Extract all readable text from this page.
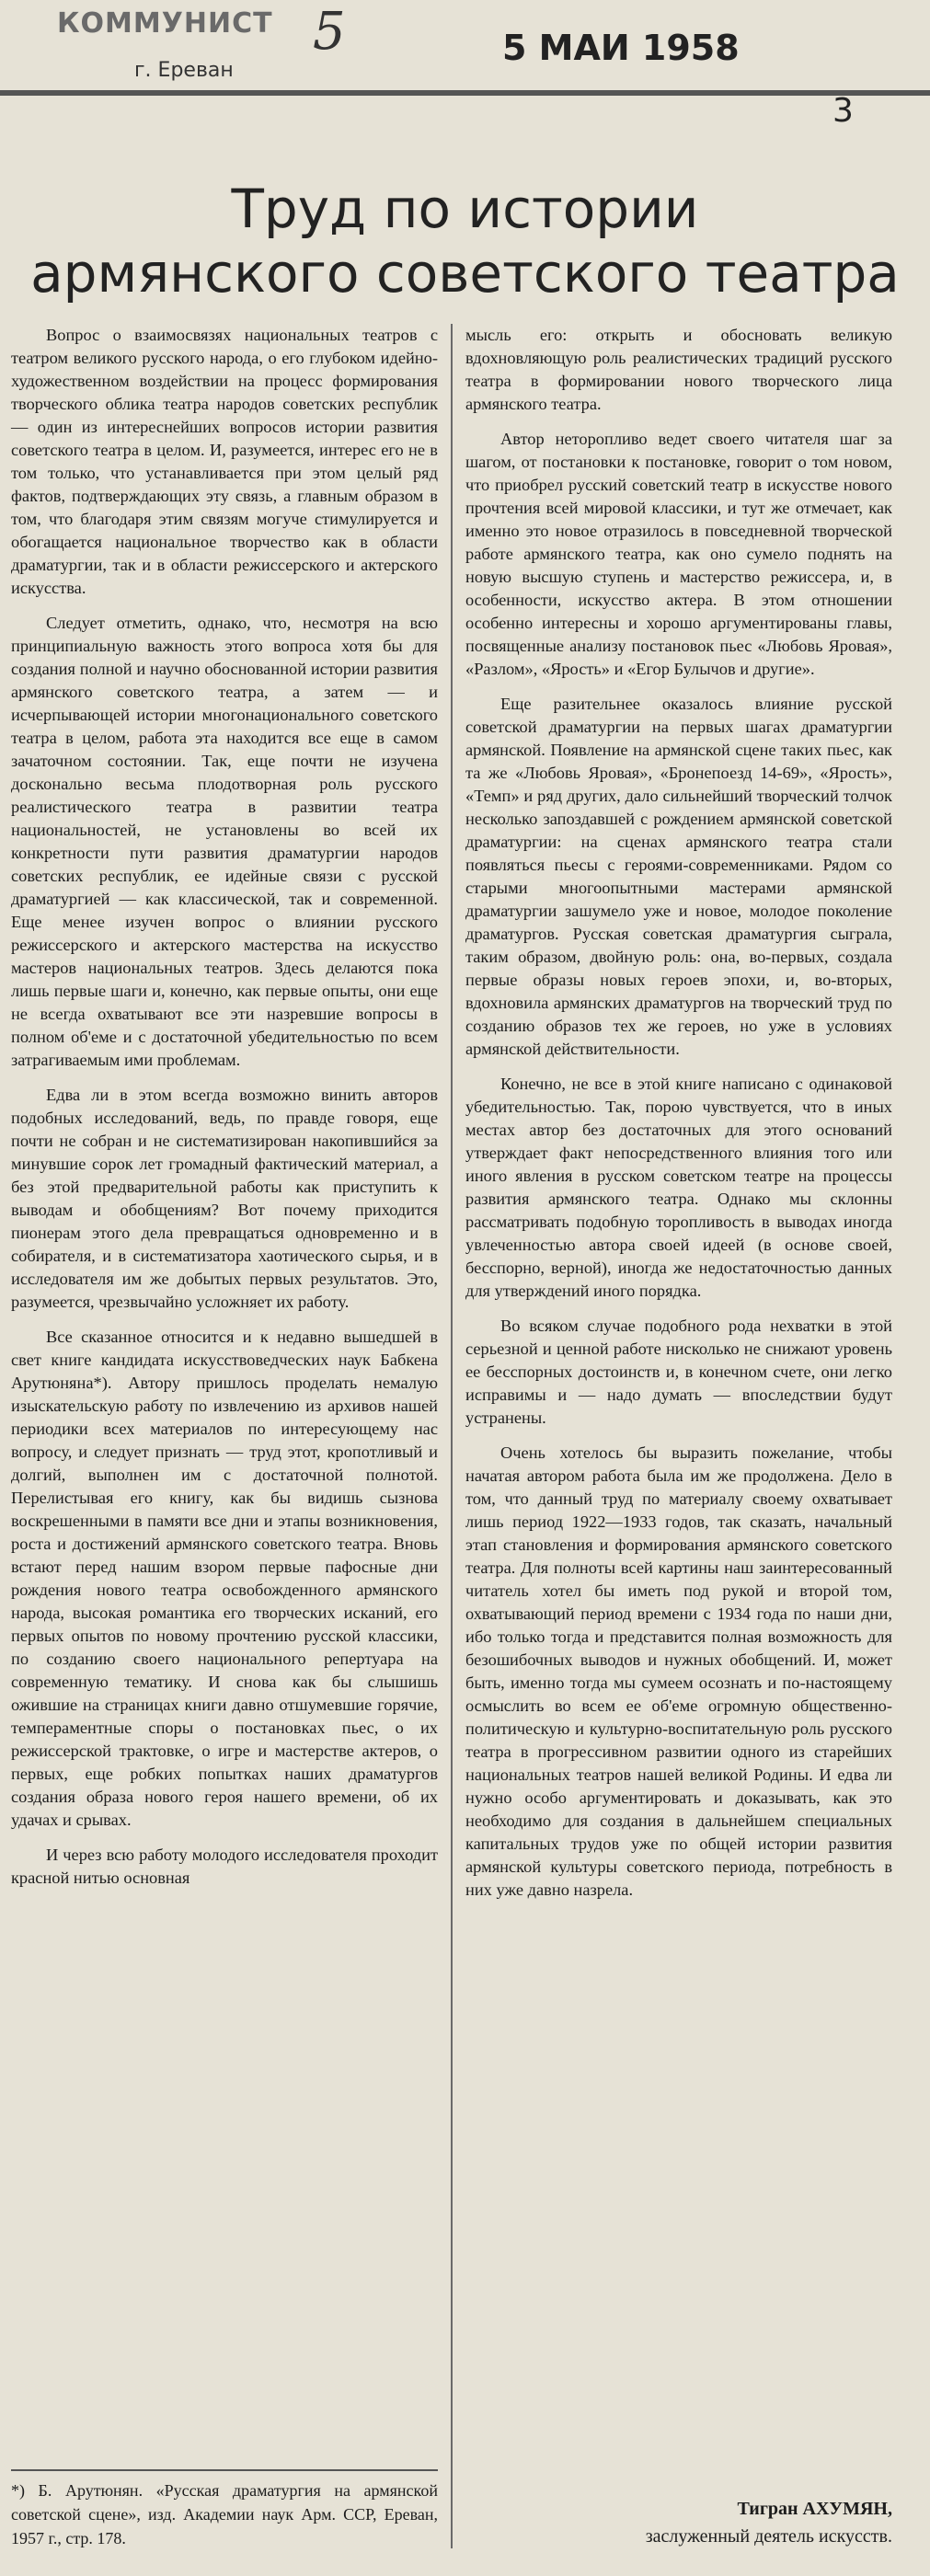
КОММУНИСТ
г. Ереван
5	5 МАИ 1958
3
Труд по истории
армянского советского театра

Вопрос о взаимосвязях национальных театров с театром великого русского народа, о его глубоком идейно-художественном воздействии на процесс формирования творческого облика театра народов советских республик — один из интереснейших вопросов истории развития советского театра в целом. И, разумеется, интерес его не в том только, что устанавливается при этом целый ряд фактов, подтверждающих эту связь, а главным образом в том, что благодаря этим связям могуче стимулируется и обогащается национальное творчество как в области драматургии, так и в области режиссерского и актерского искусства.

Следует отметить, однако, что, несмотря на всю принципиальную важность этого вопроса хотя бы для создания полной и научно обоснованной истории развития армянского советского театра, а затем — и исчерпывающей истории многонационального советского театра в целом, работа эта находится все еще в самом зачаточном состоянии. Так, еще почти не изучена досконально весьма плодотворная роль русского реалистического театра в развитии театра национальностей, не установлены во всей их конкретности пути развития драматургии народов советских республик, ее идейные связи с русской драматургией — как классической, так и современной. Еще менее изучен вопрос о влиянии русского режиссерского и актерского мастерства на искусство мастеров национальных театров. Здесь делаются пока лишь первые шаги и, конечно, как первые опыты, они еще не всегда охватывают все эти назревшие вопросы в полном об'еме и с достаточной убедительностью по всем затрагиваемым ими проблемам.

Едва ли в этом всегда возможно винить авторов подобных исследований, ведь, по правде говоря, еще почти не собран и не систематизирован накопившийся за минувшие сорок лет громадный фактический материал, а без этой предварительной работы как приступить к выводам и обобщениям? Вот почему приходится пионерам этого дела превращаться одновременно и в собирателя, и в систематизатора хаотического сырья, и в исследователя им же добытых первых результатов. Это, разумеется, чрезвычайно усложняет их работу.

Все сказанное относится и к недавно вышедшей в свет книге кандидата искусствоведческих наук Бабкена Арутюняна*). Автору пришлось проделать немалую изыскательскую работу по извлечению из архивов нашей периодики всех материалов по интересующему нас вопросу, и следует признать — труд этот, кропотливый и долгий, выполнен им с достаточной полнотой. Перелистывая его книгу, как бы видишь сызнова воскрешенными в памяти все дни и этапы возникновения, роста и достижений армянского советского театра. Вновь встают перед нашим взором первые пафосные дни рождения нового театра освобожденного армянского народа, высокая романтика его творческих исканий, его первых опытов по новому прочтению русской классики, по созданию своего национального репертуара на современную тематику. И снова как бы слышишь ожившие на страницах книги давно отшумевшие горячие, темпераментные споры о постановках пьес, о их режиссерской трактовке, о игре и мастерстве актеров, о первых, еще робких попытках наших драматургов создания образа нового героя нашего времени, об их удачах и срывах.

И через всю работу молодого исследователя проходит красной нитью основная

мысль его: открыть и обосновать великую вдохновляющую роль реалистических традиций русского театра в формировании нового творческого лица армянского театра.

Автор неторопливо ведет своего читателя шаг за шагом, от постановки к постановке, говорит о том новом, что приобрел русский советский театр в искусстве нового прочтения всей мировой классики, и тут же отмечает, как именно это новое отразилось в повседневной творческой работе армянского театра, как оно сумело поднять на новую высшую ступень и мастерство режиссера, и, в особенности, искусство актера. В этом отношении особенно интересны и хорошо аргументированы главы, посвященные анализу постановок пьес «Любовь Яровая», «Разлом», «Ярость» и «Егор Булычов и другие».

Еще разительнее оказалось влияние русской советской драматургии на первых шагах драматургии армянской. Появление на армянской сцене таких пьес, как та же «Любовь Яровая», «Бронепоезд 14-69», «Ярость», «Темп» и ряд других, дало сильнейший творческий толчок несколько запоздавшей с рождением армянской советской драматургии: на сценах армянского театра стали появляться пьесы с героями-современниками. Рядом со старыми многоопытными мастерами армянской драматургии зашумело уже и новое, молодое поколение драматургов. Русская советская драматургия сыграла, таким образом, двойную роль: она, во-первых, создала первые образы новых героев эпохи, и, во-вторых, вдохновила армянских драматургов на творческий труд по созданию образов тех же героев, но уже в условиях армянской действительности.

Конечно, не все в этой книге написано с одинаковой убедительностью. Так, порою чувствуется, что в иных местах автор без достаточных для этого оснований утверждает факт непосредственного влияния того или иного явления в русском советском театре на процессы развития армянского театра. Однако мы склонны рассматривать подобную торопливость в выводах иногда увлеченностью автора своей идеей (в основе своей, бесспорно, верной), иногда же недостаточностью данных для утверждений иного порядка.

Во всяком случае подобного рода нехватки в этой серьезной и ценной работе нисколько не снижают уровень ее бесспорных достоинств и, в конечном счете, они легко исправимы и — надо думать — впоследствии будут устранены.

Очень хотелось бы выразить пожелание, чтобы начатая автором работа была им же продолжена. Дело в том, что данный труд по материалу своему охватывает лишь период 1922—1933 годов, так сказать, начальный этап становления и формирования армянского советского театра. Для полноты всей картины наш заинтересованный читатель хотел бы иметь под рукой и второй том, охватывающий период времени с 1934 года по наши дни, ибо только тогда и представится полная возможность для безошибочных выводов и нужных обобщений. И, может быть, именно тогда мы сумеем осознать и по-настоящему осмыслить во всем ее об'еме огромную общественно-политическую и культурно-воспитательную роль русского театра в прогрессивном развитии одного из старейших национальных театров нашей великой Родины. И едва ли нужно особо аргументировать и доказывать, как это необходимо для создания в дальнейшем специальных капитальных трудов уже по общей истории развития армянской культуры советского периода, потребность в них уже давно назрела.

*) Б. Арутюнян. «Русская драматургия на армянской советской сцене», изд. Академии наук Арм. ССР, Ереван, 1957 г., стр. 178.
Тигран АХУМЯН,
заслуженный деятель искусств.
